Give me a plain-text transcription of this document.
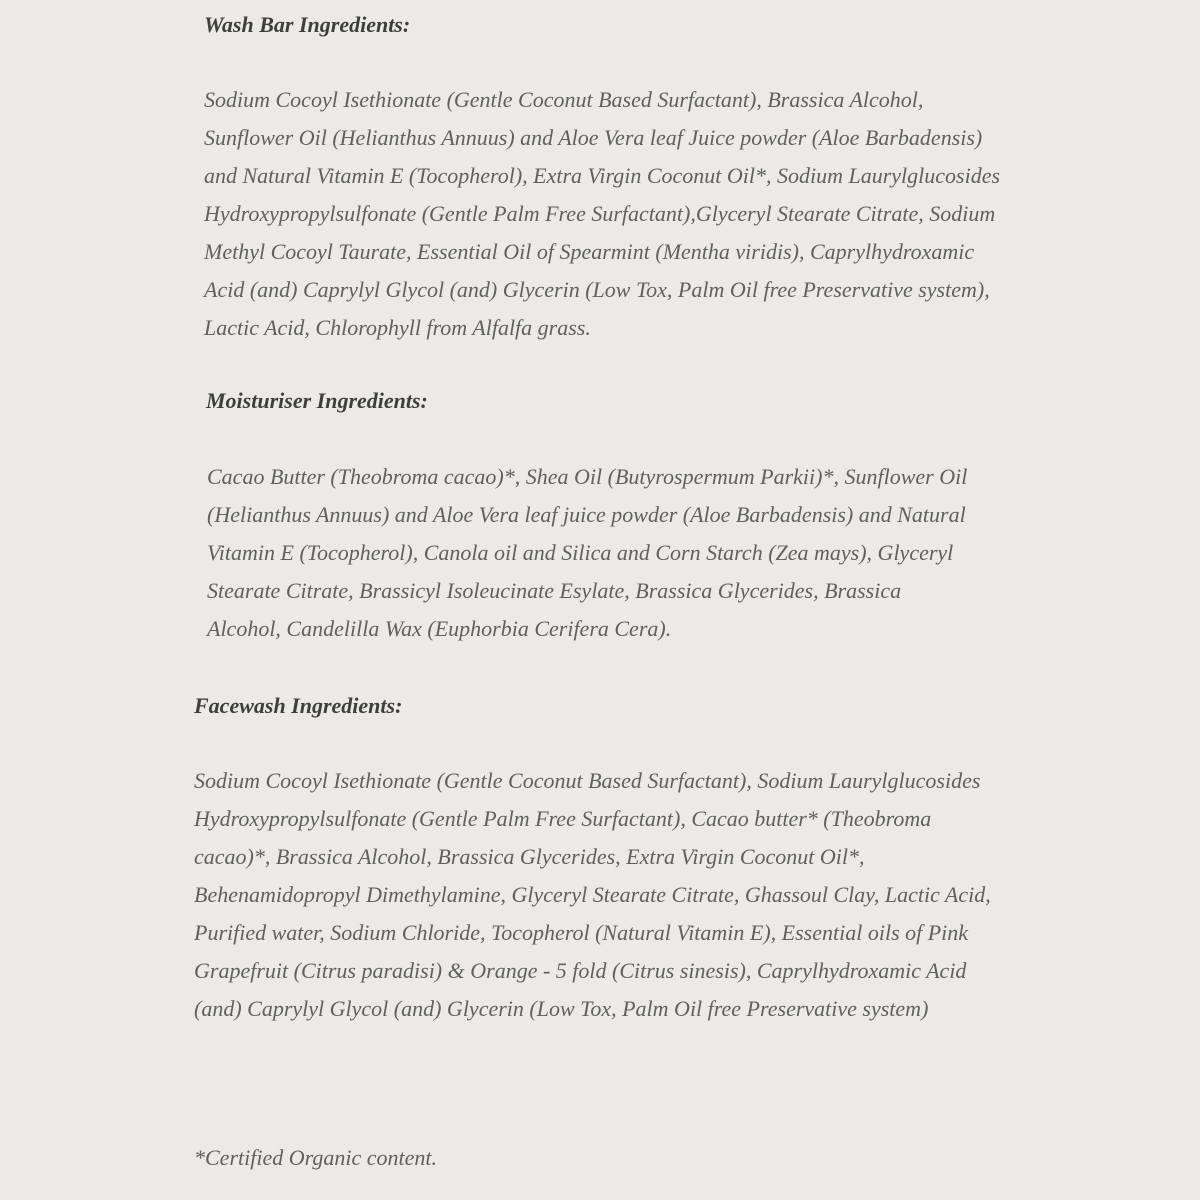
Wash Bar Ingredients:

Sodium Cocoyl Isethionate (Gentle Coconut Based Surfactant), Brassica Alcohol, Sunflower Oil (Helianthus Annuus) and Aloe Vera leaf Juice powder (Aloe Barbadensis) and Natural Vitamin E (Tocopherol), Extra Virgin Coconut Oil*, Sodium Laurylglucosides Hydroxypropylsulfonate (Gentle Palm Free Surfactant),Glyceryl Stearate Citrate, Sodium Methyl Cocoyl Taurate, Essential Oil of Spearmint (Mentha viridis), Caprylhydroxamic Acid (and) Caprylyl Glycol (and) Glycerin (Low Tox, Palm Oil free Preservative system), Lactic Acid, Chlorophyll from Alfalfa grass.

Moisturiser Ingredients:

Cacao Butter (Theobroma cacao)*, Shea Oil (Butyrospermum Parkii)*, Sunflower Oil (Helianthus Annuus) and Aloe Vera leaf juice powder (Aloe Barbadensis) and Natural Vitamin E (Tocopherol), Canola oil and Silica and Corn Starch (Zea mays), Glyceryl Stearate Citrate, Brassicyl Isoleucinate Esylate, Brassica Glycerides, Brassica Alcohol, Candelilla Wax (Euphorbia Cerifera Cera).

Facewash Ingredients:

Sodium Cocoyl Isethionate (Gentle Coconut Based Surfactant), Sodium Laurylglucosides Hydroxypropylsulfonate (Gentle Palm Free Surfactant), Cacao butter* (Theobroma cacao)*, Brassica Alcohol, Brassica Glycerides, Extra Virgin Coconut Oil*, Behenamidopropyl Dimethylamine, Glyceryl Stearate Citrate, Ghassoul Clay, Lactic Acid, Purified water, Sodium Chloride, Tocopherol (Natural Vitamin E), Essential oils of Pink Grapefruit (Citrus paradisi) & Orange - 5 fold (Citrus sinesis), Caprylhydroxamic Acid (and) Caprylyl Glycol (and) Glycerin (Low Tox, Palm Oil free Preservative system)

*Certified Organic content.
